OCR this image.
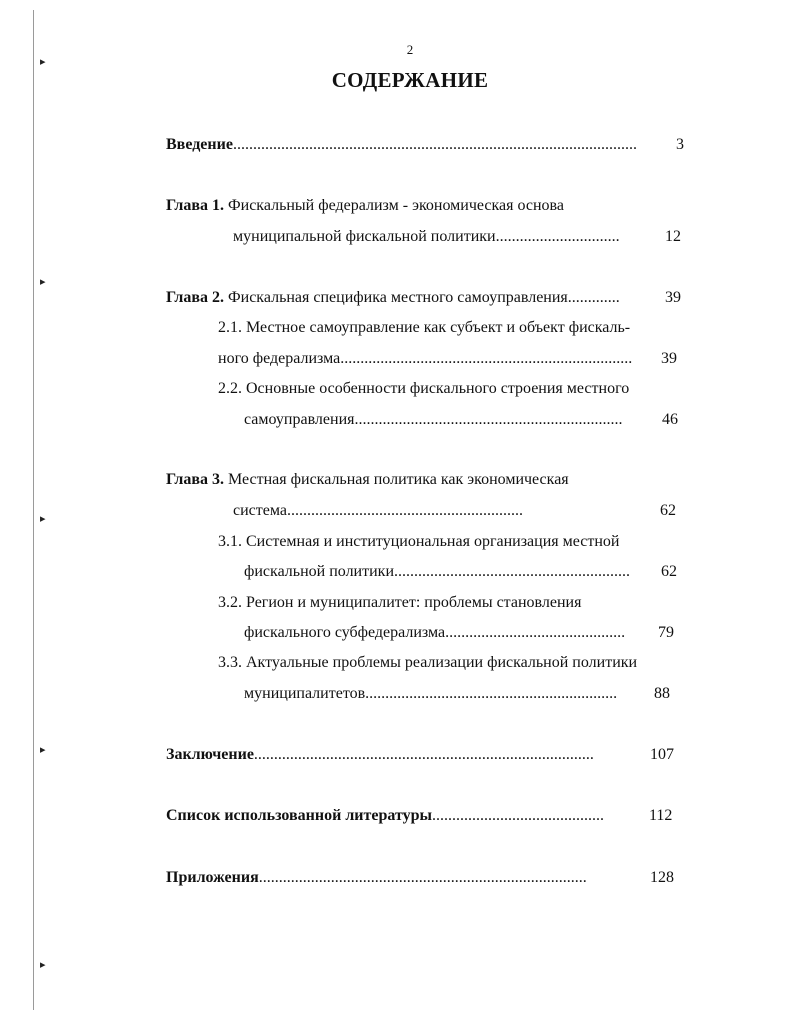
▸
▸
▸
▸
▸
2
СОДЕРЖАНИЕ
Введение..................................................................................................... 3
Глава 1. Фискальный федерализм - экономическая основа
муниципальной фискальной политики...............................	12
Глава 2. Фискальная специфика местного самоуправления.............	39
2.1. Местное самоуправление как субъект и объект фискаль-
ного федерализма......................................................................... 39
2.2. Основные особенности фискального строения местного
самоуправления................................................................... 46
Глава 3. Местная фискальная политика как экономическая
система...........................................................	62
3.1. Системная и институциональная организация местной
фискальной политики........................................................... 62
3.2. Регион и муниципалитет: проблемы становления
фискального субфедерализма............................................. 79
3.3. Актуальные проблемы реализации фискальной политики
муниципалитетов............................................................... 88
Заключение.....................................................................................	107
Список использованной литературы...........................................	112
Приложения..................................................................................	128
